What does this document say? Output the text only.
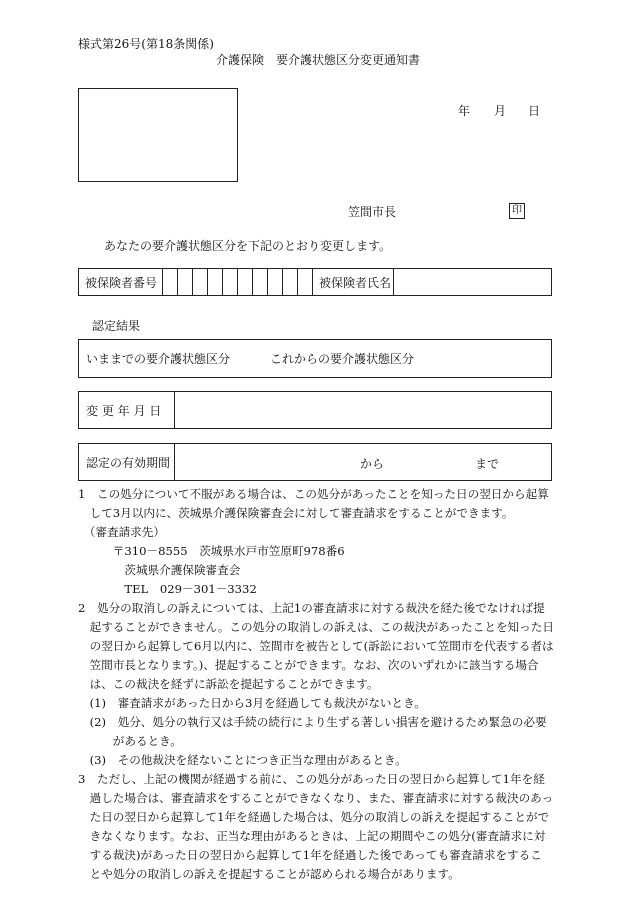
様式第26号(第18条関係)
介護保険　要介護状態区分変更通知書
年 月 日
笠間市長	印
あなたの要介護状態区分を下記のとおり変更します。
被保険者番号	被保険者氏名
認定結果
いままでの要介護状態区分	これからの要介護状態区分
変 更 年 月 日
認定の有効期間	から	まで
1　この処分について不服がある場合は、この処分があったことを知った日の翌日から起算
　して3月以内に、茨城県介護保険審査会に対して審査請求をすることができます。
　（審査請求先）
　　　〒310－8555　茨城県水戸市笠原町978番6
　　　　茨城県介護保険審査会
　　　　TEL　029－301－3332
2　処分の取消しの訴えについては、上記1の審査請求に対する裁決を経た後でなければ提
　起することができません。この処分の取消しの訴えは、この裁決があったことを知った日
　の翌日から起算して6月以内に、笠間市を被告として(訴訟において笠間市を代表する者は
　笠間市長となります。)、提起することができます。なお、次のいずれかに該当する場合
　は、この裁決を経ずに訴訟を提起することができます。
　(1)　審査請求があった日から3月を経過しても裁決がないとき。
　(2)　処分、処分の執行又は手続の続行により生ずる著しい損害を避けるため緊急の必要
　　　があるとき。
　(3)　その他裁決を経ないことにつき正当な理由があるとき。
3　ただし、上記の機関が経過する前に、この処分があった日の翌日から起算して1年を経
　過した場合は、審査請求をすることができなくなり、また、審査請求に対する裁決のあっ
　た日の翌日から起算して1年を経過した場合は、処分の取消しの訴えを提起することがで
　きなくなります。なお、正当な理由があるときは、上記の期間やこの処分(審査請求に対
　する裁決)があった日の翌日から起算して1年を経過した後であっても審査請求をするこ
　とや処分の取消しの訴えを提起することが認められる場合があります。
